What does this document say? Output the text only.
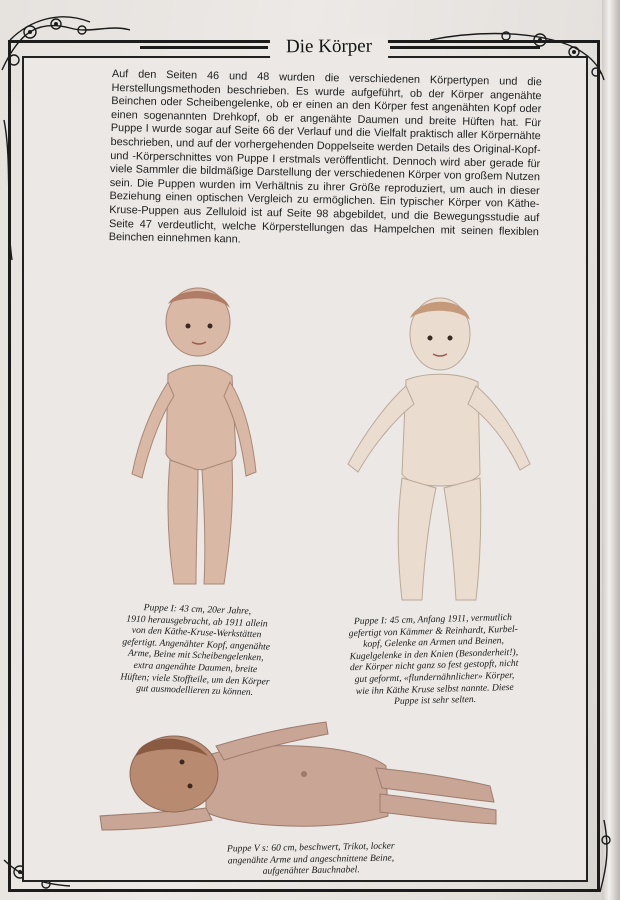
Die Körper
Auf den Seiten 46 und 48 wurden die verschiedenen Körpertypen und die Herstellungsmethoden beschrieben. Es wurde aufgeführt, ob der Körper angenähte Beinchen oder Scheibengelenke, ob er einen an den Körper fest angenähten Kopf oder einen sogenannten Drehkopf, ob er angenähte Daumen und breite Hüften hat. Für Puppe I wurde sogar auf Seite 66 der Verlauf und die Vielfalt praktisch aller Körpernähte beschrieben, und auf der vorhergehenden Doppelseite werden Details des Original-Kopf- und -Körperschnittes von Puppe I erstmals veröffentlicht. Dennoch wird aber gerade für viele Sammler die bildmäßige Darstellung der verschiedenen Körper von großem Nutzen sein. Die Puppen wurden im Verhältnis zu ihrer Größe reproduziert, um auch in dieser Beziehung einen optischen Vergleich zu ermöglichen. Ein typischer Körper von Käthe-Kruse-Puppen aus Zelluloid ist auf Seite 98 abgebildet, und die Bewegungsstudie auf Seite 47 verdeutlicht, welche Körperstellungen das Hampelchen mit seinen flexiblen Beinchen einnehmen kann.
Puppe I: 43 cm, 20er Jahre,
1910 herausgebracht, ab 1911 allein
von den Käthe-Kruse-Werkstätten
gefertigt. Angenähter Kopf, angenähte
Arme, Beine mit Scheibengelenken,
extra angenähte Daumen, breite
Hüften; viele Stoffteile, um den Körper
gut ausmodellieren zu können.
Puppe I: 45 cm, Anfang 1911, vermutlich
gefertigt von Kämmer & Reinhardt, Kurbel-
kopf, Gelenke an Armen und Beinen,
Kugelgelenke in den Knien (Besonderheit!),
der Körper nicht ganz so fest gestopft, nicht
gut geformt, «flundernähnlicher» Körper,
wie ihn Käthe Kruse selbst nannte. Diese
Puppe ist sehr selten.
Puppe V s: 60 cm, beschwert, Trikot, locker
angenähte Arme und angeschnittene Beine,
aufgenähter Bauchnabel.
